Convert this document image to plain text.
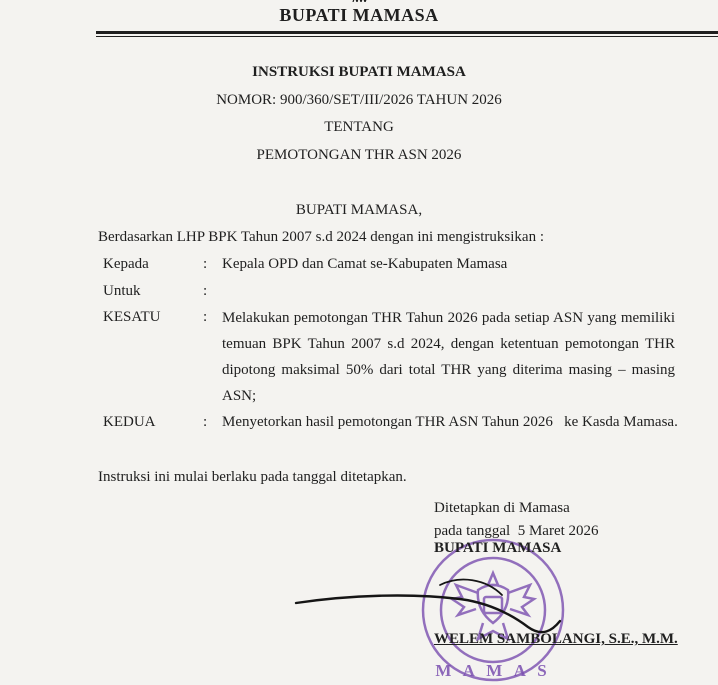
BUPATI MAMASA
INSTRUKSI BUPATI MAMASA
NOMOR: 900/360/SET/III/2026 TAHUN 2026
TENTANG
PEMOTONGAN THR ASN 2026
BUPATI MAMASA,
Berdasarkan LHP BPK Tahun 2007 s.d 2024 dengan ini mengistruksikan :
Kepada	: Kepala OPD dan Camat se-Kabupaten Mamasa
Untuk	:
KESATU	: Melakukan pemotongan THR Tahun 2026 pada setiap ASN yang memiliki temuan BPK Tahun 2007 s.d 2024, dengan ketentuan pemotongan THR dipotong maksimal 50% dari total THR yang diterima masing – masing ASN;
KEDUA	: Menyetorkan hasil pemotongan THR ASN Tahun 2026   ke Kasda Mamasa.
Instruksi ini mulai berlaku pada tanggal ditetapkan.
M A M A S
Ditetapkan di Mamasa
pada tanggal  5 Maret 2026
BUPATI MAMASA
WELEM SAMBOLANGI, S.E., M.M.
